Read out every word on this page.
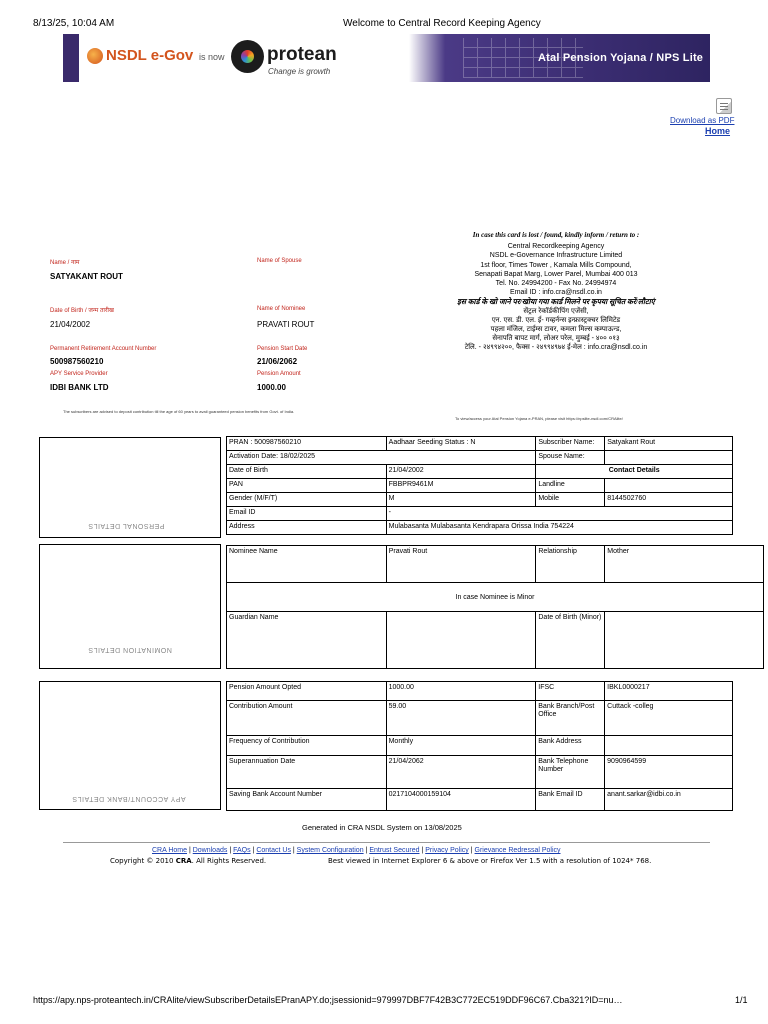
8/13/25, 10:04 AM	Welcome to Central Record Keeping Agency
NSDL e-Gov is now protean
Change is growth
Atal Pension Yojana / NPS Lite
Download as PDF
Home
Name / नाम
SATYAKANT ROUT
Name of Spouse
Date of Birth / जन्म तारीख
21/04/2002
Name of Nominee
PRAVATI ROUT
Permanent Retirement Account Number
500987560210
Pension Start Date
21/06/2062
APY Service Provider
IDBI BANK LTD
Pension Amount
1000.00
The subscribers are advised to deposit contribution till the age of 60 years to avail guaranteed pension benefits from Govt. of India.
To view/access your Atal Pension Yojana e-PRAN, please visit https://npslite-nsdl.com/CRAlite/
In case this card is lost / found, kindly inform / return to :
Central Recordkeeping Agency
NSDL e-Governance Infrastructure Limited
1st floor, Times Tower , Kamala Mills Compound,
Senapati Bapat Marg, Lower Parel, Mumbai 400 013
Tel. No. 24994200 - Fax No. 24994974
Email ID : info.cra@nsdl.co.in
इस कार्ड के खो जाने पर/खोया गया कार्ड मिलने पर कृपया सूचित करें/लौटाएं
सेंट्रल रेकॉर्डकीपिंग एजेंसी,
एन. एस. डी. एल. ई- गव्हर्नन्स इन्फ्रास्ट्रक्चर लिमिटेड
पहला मंजिल, टाईम्स टावर, कमला मिल्स कम्पाऊन्ड,
सेनापति बापट मार्ग, लोअर परेल, मुम्बई - ४०० ०१३
टेलि. - २४९९४२००, फैक्स - २४९९४९७४ ई-मेल : info.cra@nsdl.co.in
PERSONAL DETAILS
PRAN : 500987560210	Aadhaar Seeding Status : N	Subscriber Name:	Satyakant Rout
Activation Date: 18/02/2025		Spouse Name:	
Date of Birth	21/04/2002	Contact Details	
PAN	FBBPR9461M	Landline	
Gender (M/F/T)	M	Mobile	8144502760
Email ID	-		
Address	Mulabasanta Mulabasanta Kendrapara Orissa India 754224		
NOMINATION DETAILS
Nominee Name	Pravati Rout	Relationship	Mother
In case Nominee is Minor			
Guardian Name		Date of Birth (Minor)	
APY ACCOUNT/BANK DETAILS
Pension Amount Opted	1000.00	IFSC	IBKL0000217
Contribution Amount	59.00	Bank Branch/Post Office	Cuttack -colleg
Frequency of Contribution	Monthly	Bank Address	
Superannuation Date	21/04/2062	Bank Telephone Number	9090964599
Saving Bank Account Number	0217104000159104	Bank Email ID	anant.sarkar@idbi.co.in
Generated in CRA NSDL System on 13/08/2025
CRA Home | Downloads | FAQs | Contact Us | System Configuration | Entrust Secured | Privacy Policy | Grievance Redressal Policy
Copyright © 2010 CRA. All Rights Reserved.	Best viewed in Internet Explorer 6 & above or Firefox Ver 1.5 with a resolution of 1024* 768.
https://apy.nps-proteantech.in/CRAlite/viewSubscriberDetailsEPranAPY.do;jsessionid=979997DBF7F42B3C772EC519DDF96C67.Cba321?ID=nu…	1/1
